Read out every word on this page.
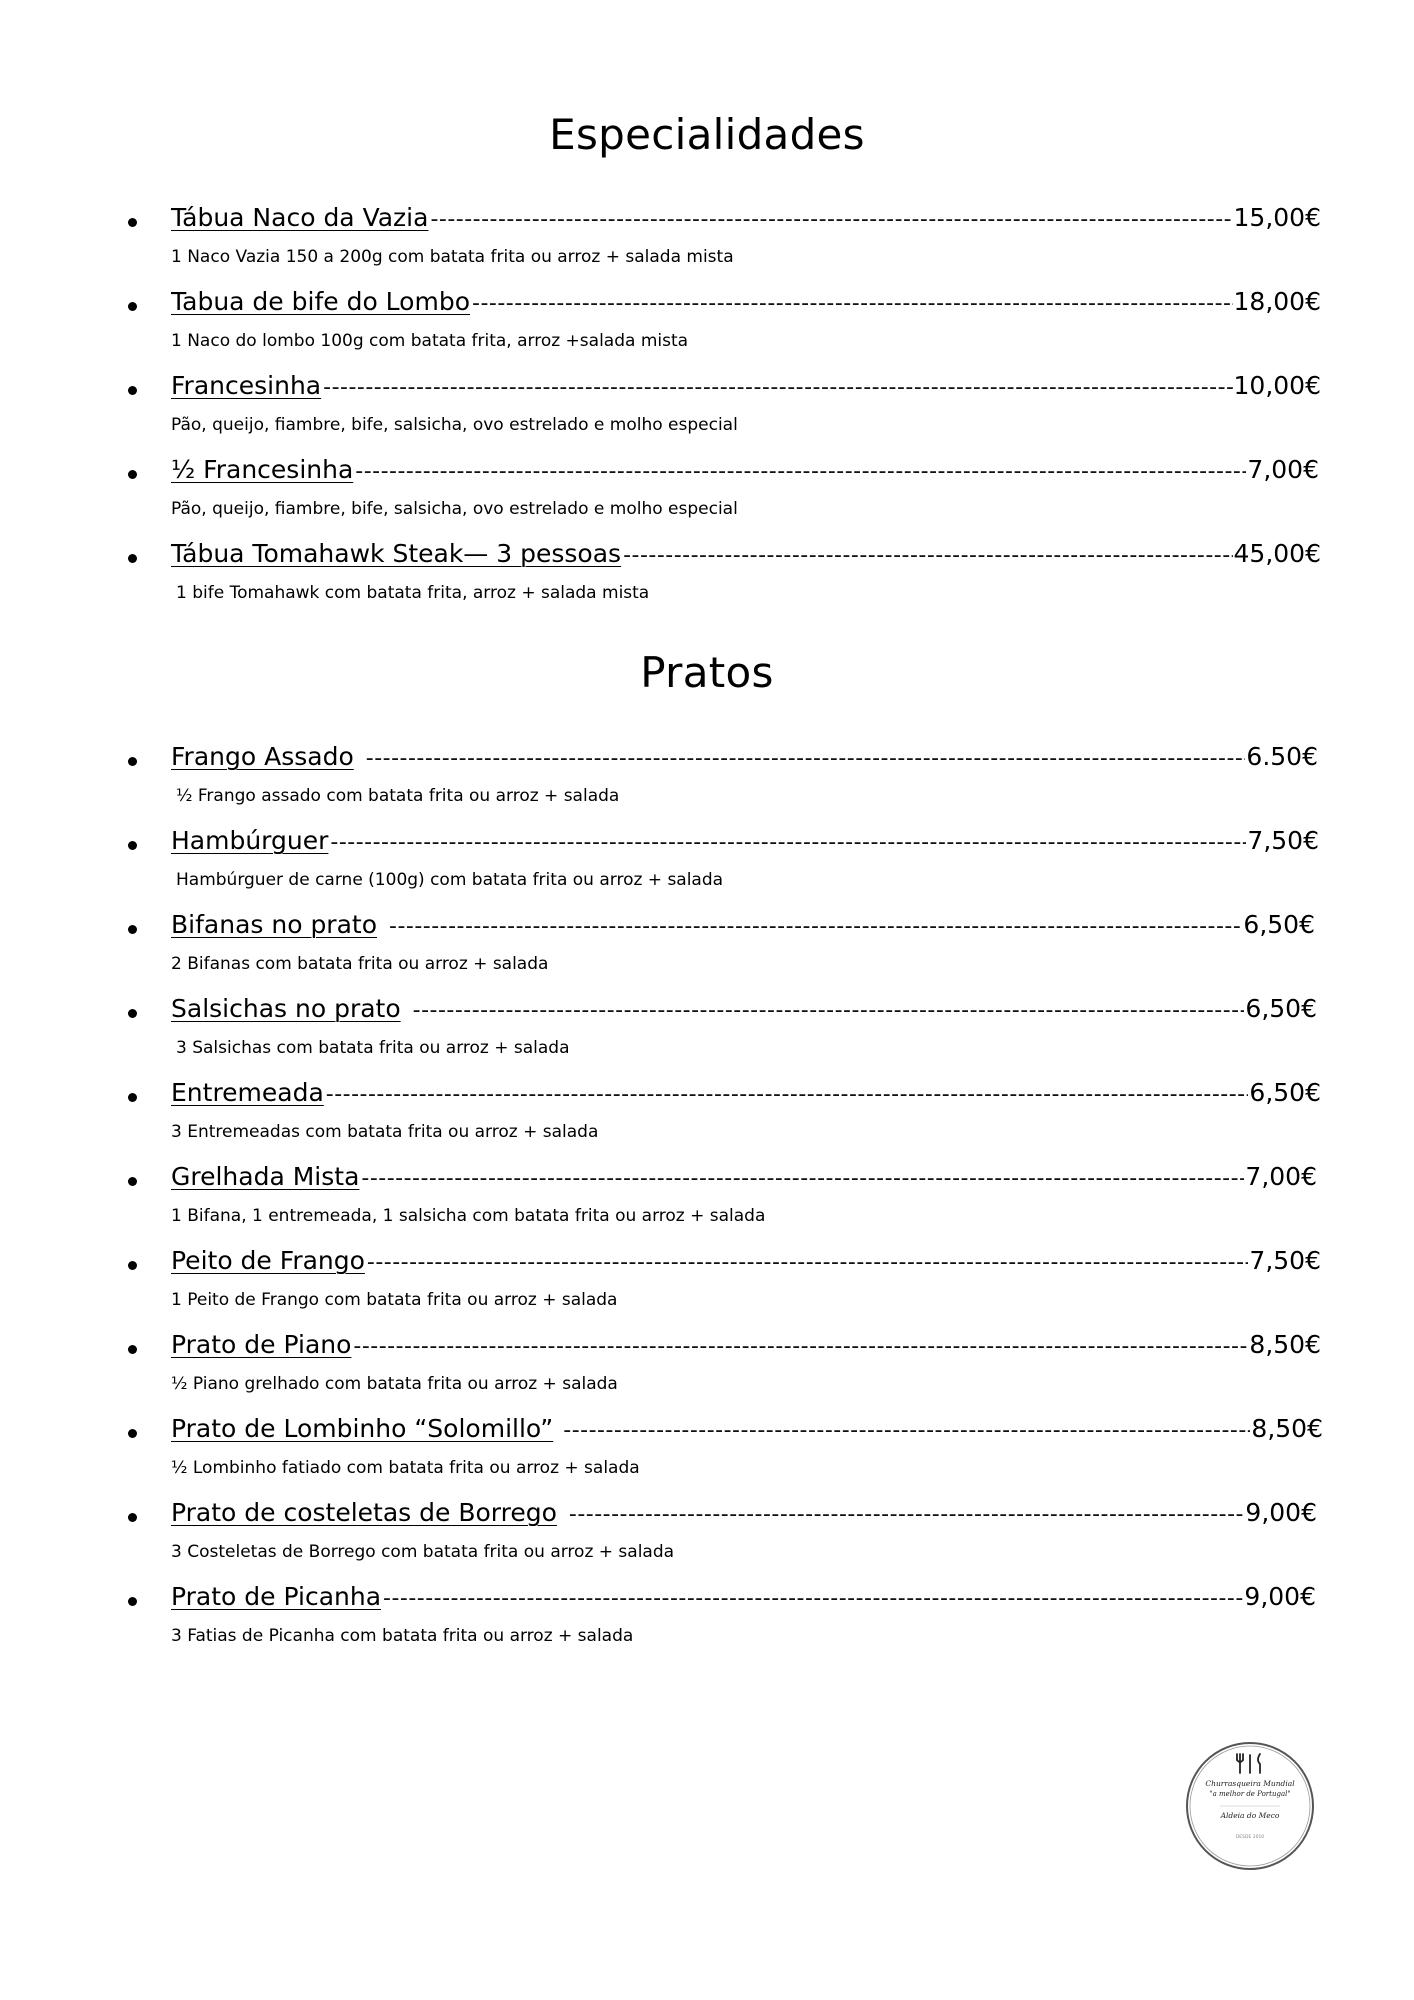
Especialidades
Tábua Naco da Vazia -----	15,00€
1 Naco Vazia 150 a 200g com batata frita ou arroz + salada mista
Tabua de bife do Lombo -----	18,00€
1 Naco do lombo 100g com batata frita, arroz +salada mista
Francesinha -----	10,00€
Pão, queijo, fiambre, bife, salsicha, ovo estrelado e molho especial
½ Francesinha -----	7,00€
Pão, queijo, fiambre, bife, salsicha, ovo estrelado e molho especial
Tábua Tomahawk Steak— 3 pessoas -----	45,00€
1 bife Tomahawk com batata frita, arroz + salada mista
Pratos
Frango Assado -----	6.50€
½ Frango assado com batata frita ou arroz + salada
Hambúrguer -----	7,50€
Hambúrguer de carne (100g) com batata frita ou arroz + salada
Bifanas no prato -----	6,50€
2 Bifanas com batata frita ou arroz + salada
Salsichas no prato -----	6,50€
3 Salsichas com batata frita ou arroz + salada
Entremeada -----	6,50€
3 Entremeadas com batata frita ou arroz + salada
Grelhada Mista -----	7,00€
1 Bifana, 1 entremeada, 1 salsicha com batata frita ou arroz + salada
Peito de Frango -----	7,50€
1 Peito de Frango com batata frita ou arroz + salada
Prato de Piano -----	8,50€
½ Piano grelhado com batata frita ou arroz + salada
Prato de Lombinho “Solomillo” -----	8,50€
½ Lombinho fatiado com batata frita ou arroz + salada
Prato de costeletas de Borrego -----	9,00€
3 Costeletas de Borrego com batata frita ou arroz + salada
Prato de Picanha -----	9,00€
3 Fatias de Picanha com batata frita ou arroz + salada
Churrasqueira Mundial
"a melhor de Portugal"
Aldeia do Meco
DESDE 2010
